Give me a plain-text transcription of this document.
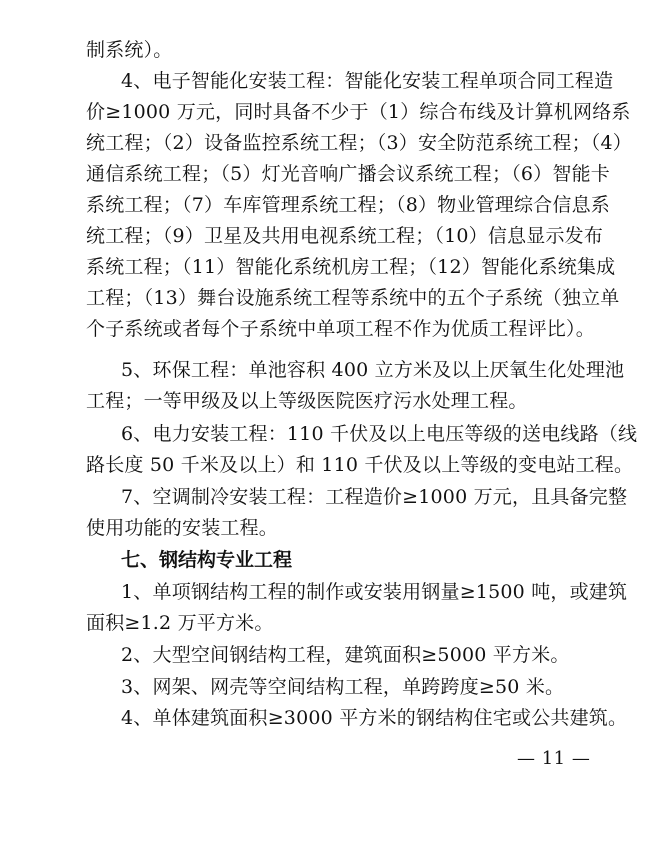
制系统）。
4、电子智能化安装工程：智能化安装工程单项合同工程造
价≥1000 万元，同时具备不少于（1）综合布线及计算机网络系
统工程；（2）设备监控系统工程；（3）安全防范系统工程；（4）
通信系统工程；（5）灯光音响广播会议系统工程；（6）智能卡
系统工程；（7）车库管理系统工程；（8）物业管理综合信息系
统工程；（9）卫星及共用电视系统工程；（10）信息显示发布
系统工程；（11）智能化系统机房工程；（12）智能化系统集成
工程；（13）舞台设施系统工程等系统中的五个子系统（独立单
个子系统或者每个子系统中单项工程不作为优质工程评比）。
5、环保工程：单池容积 400 立方米及以上厌氧生化处理池
工程；一等甲级及以上等级医院医疗污水处理工程。
6、电力安装工程：110 千伏及以上电压等级的送电线路（线
路长度 50 千米及以上）和 110 千伏及以上等级的变电站工程。
7、空调制冷安装工程：工程造价≥1000 万元，且具备完整
使用功能的安装工程。
七、钢结构专业工程
1、单项钢结构工程的制作或安装用钢量≥1500 吨，或建筑
面积≥1.2 万平方米。
2、大型空间钢结构工程，建筑面积≥5000 平方米。
3、网架、网壳等空间结构工程，单跨跨度≥50 米。
4、单体建筑面积≥3000 平方米的钢结构住宅或公共建筑。
— 11 —
